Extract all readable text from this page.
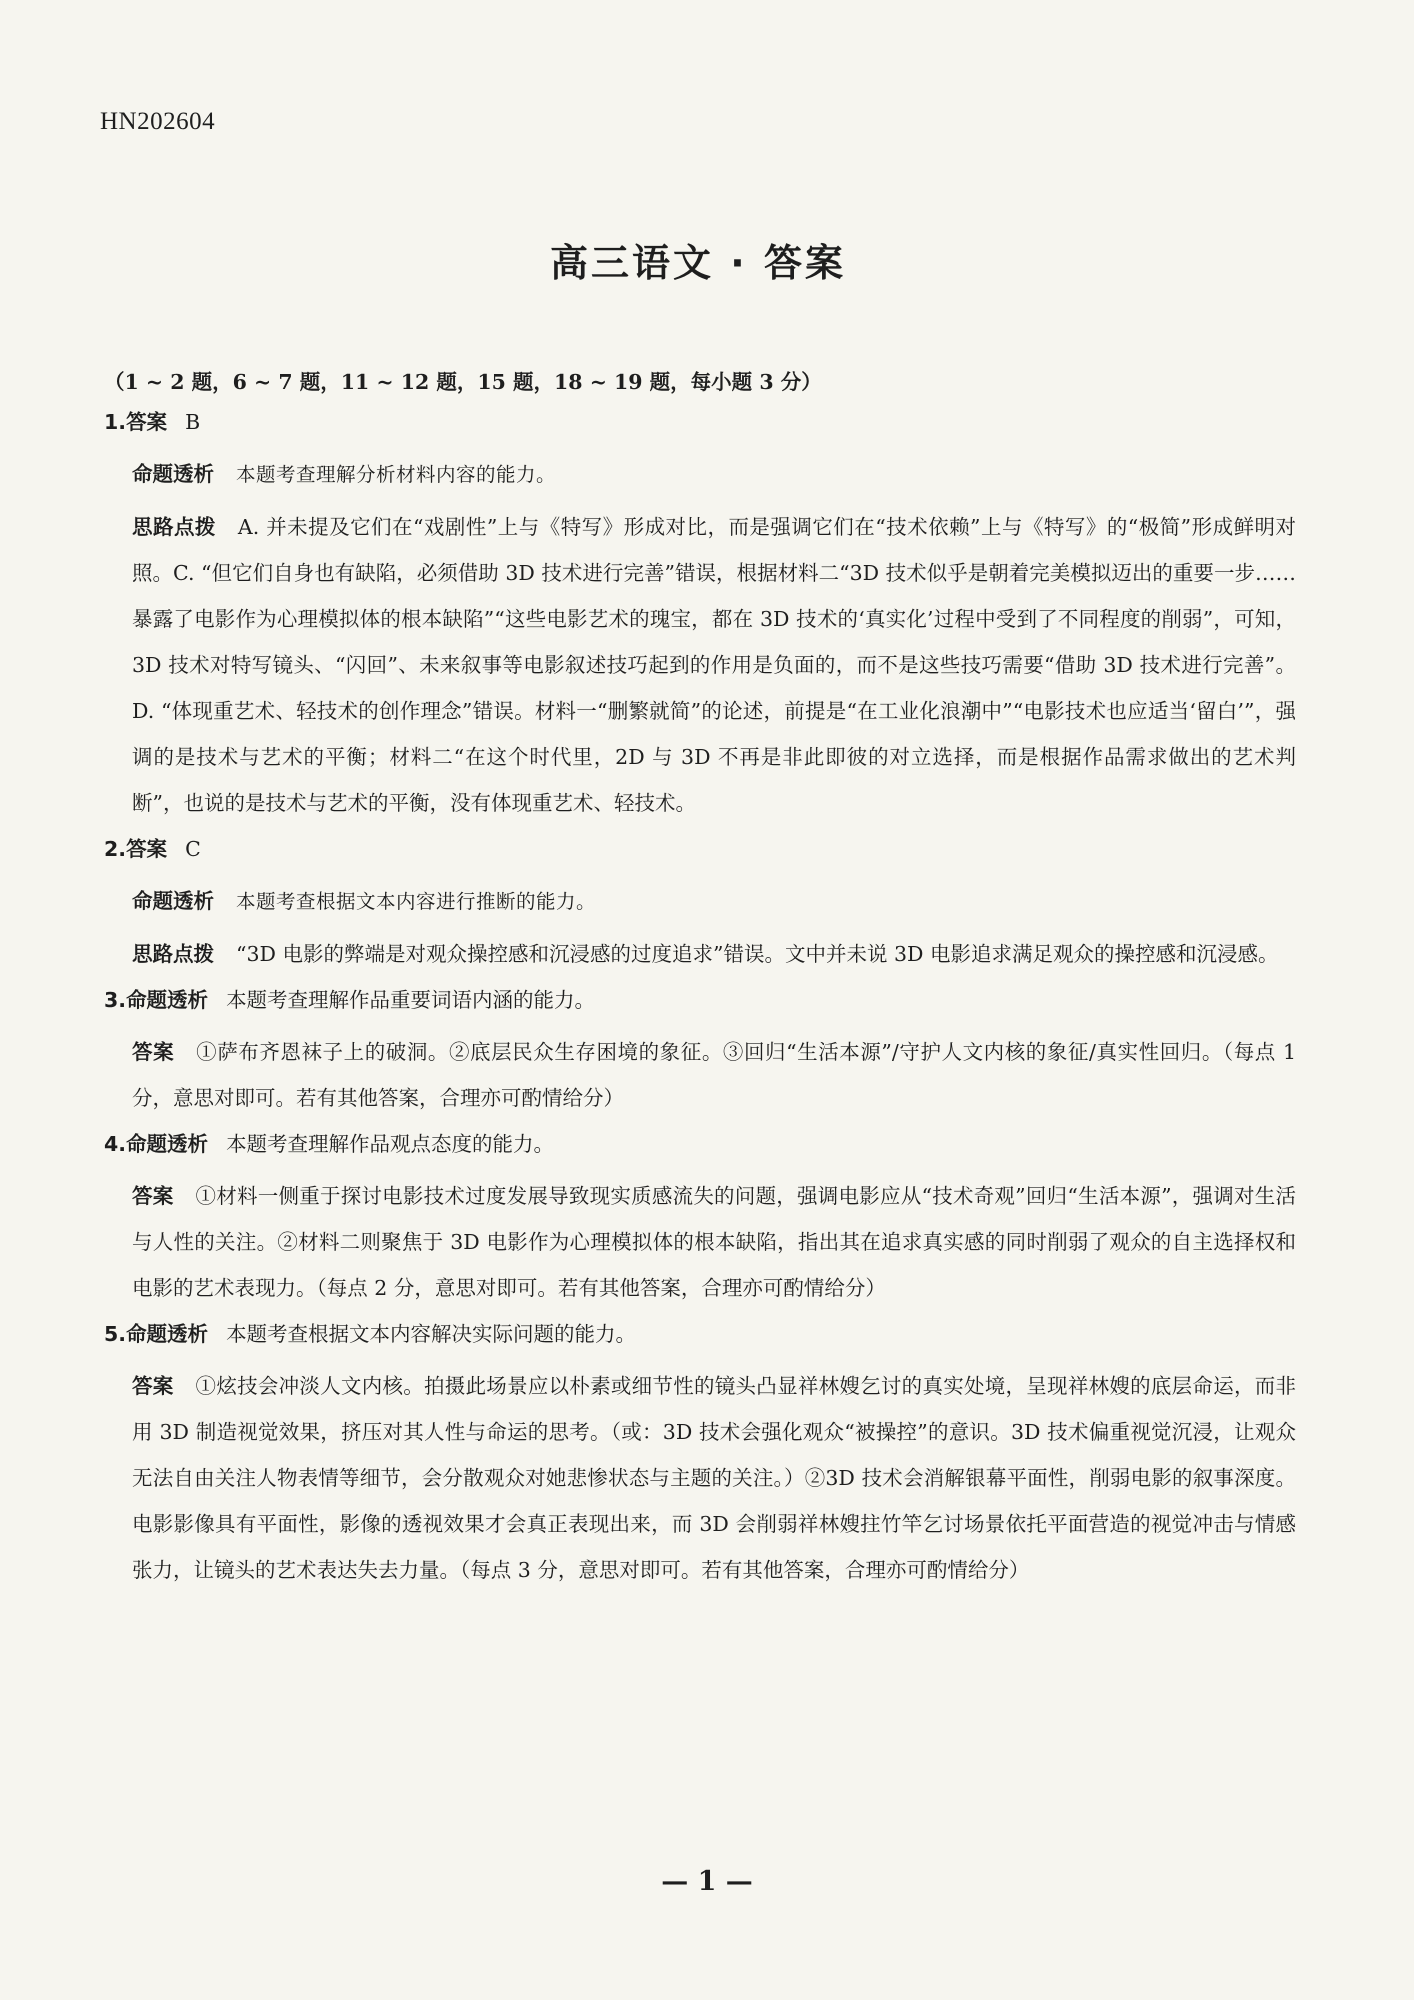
HN202604
高三语文 · 答案
（1 ~ 2 题，6 ~ 7 题，11 ~ 12 题，15 题，18 ~ 19 题，每小题 3 分）
1.答案 B
命题透析 本题考查理解分析材料内容的能力。
思路点拨 A. 并未提及它们在“戏剧性”上与《特写》形成对比，而是强调它们在“技术依赖”上与《特写》的“极简”形成鲜明对照。C. “但它们自身也有缺陷，必须借助 3D 技术进行完善”错误，根据材料二“3D 技术似乎是朝着完美模拟迈出的重要一步……暴露了电影作为心理模拟体的根本缺陷”“这些电影艺术的瑰宝，都在 3D 技术的‘真实化’过程中受到了不同程度的削弱”，可知，3D 技术对特写镜头、“闪回”、未来叙事等电影叙述技巧起到的作用是负面的，而不是这些技巧需要“借助 3D 技术进行完善”。D. “体现重艺术、轻技术的创作理念”错误。材料一“删繁就简”的论述，前提是“在工业化浪潮中”“电影技术也应适当‘留白’”，强调的是技术与艺术的平衡；材料二“在这个时代里，2D 与 3D 不再是非此即彼的对立选择，而是根据作品需求做出的艺术判断”，也说的是技术与艺术的平衡，没有体现重艺术、轻技术。
2.答案 C
命题透析 本题考查根据文本内容进行推断的能力。
思路点拨 “3D 电影的弊端是对观众操控感和沉浸感的过度追求”错误。文中并未说 3D 电影追求满足观众的操控感和沉浸感。
3.命题透析 本题考查理解作品重要词语内涵的能力。
答案 ①萨布齐恩袜子上的破洞。②底层民众生存困境的象征。③回归“生活本源”/守护人文内核的象征/真实性回归。（每点 1 分，意思对即可。若有其他答案，合理亦可酌情给分）
4.命题透析 本题考查理解作品观点态度的能力。
答案 ①材料一侧重于探讨电影技术过度发展导致现实质感流失的问题，强调电影应从“技术奇观”回归“生活本源”，强调对生活与人性的关注。②材料二则聚焦于 3D 电影作为心理模拟体的根本缺陷，指出其在追求真实感的同时削弱了观众的自主选择权和电影的艺术表现力。（每点 2 分，意思对即可。若有其他答案，合理亦可酌情给分）
5.命题透析 本题考查根据文本内容解决实际问题的能力。
答案 ①炫技会冲淡人文内核。拍摄此场景应以朴素或细节性的镜头凸显祥林嫂乞讨的真实处境，呈现祥林嫂的底层命运，而非用 3D 制造视觉效果，挤压对其人性与命运的思考。（或：3D 技术会强化观众“被操控”的意识。3D 技术偏重视觉沉浸，让观众无法自由关注人物表情等细节，会分散观众对她悲惨状态与主题的关注。）②3D 技术会消解银幕平面性，削弱电影的叙事深度。电影影像具有平面性，影像的透视效果才会真正表现出来，而 3D 会削弱祥林嫂拄竹竿乞讨场景依托平面营造的视觉冲击与情感张力，让镜头的艺术表达失去力量。（每点 3 分，意思对即可。若有其他答案，合理亦可酌情给分）
— 1 —
